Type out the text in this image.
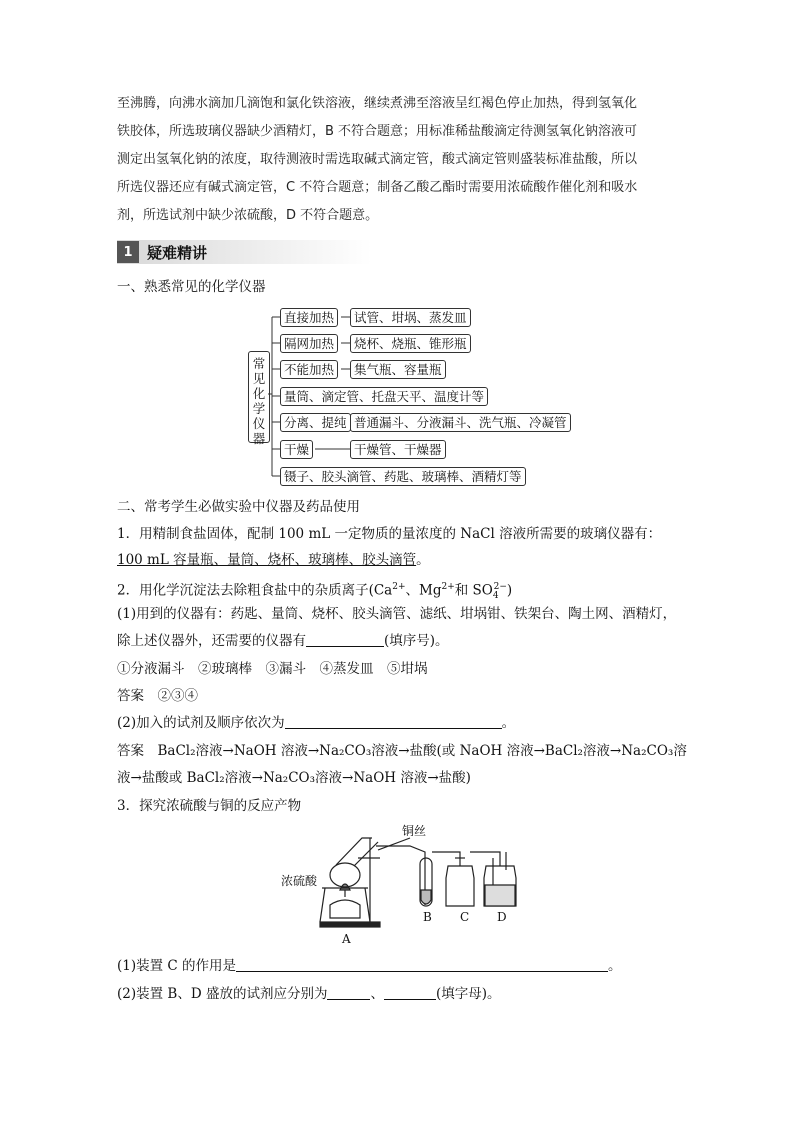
至沸腾，向沸水滴加几滴饱和氯化铁溶液，继续煮沸至溶液呈红褐色停止加热，得到氢氧化
铁胶体，所选玻璃仪器缺少酒精灯，B 不符合题意；用标准稀盐酸滴定待测氢氧化钠溶液可
测定出氢氧化钠的浓度，取待测液时需选取碱式滴定管，酸式滴定管则盛装标准盐酸，所以
所选仪器还应有碱式滴定管，C 不符合题意；制备乙酸乙酯时需要用浓硫酸作催化剂和吸水
剂，所选试剂中缺少浓硫酸，D 不符合题意。
1 疑难精讲
一、熟悉常见的化学仪器
常见化学仪器
直接加热	试管、坩埚、蒸发皿
隔网加热	烧杯、烧瓶、锥形瓶
不能加热	集气瓶、容量瓶
量筒、滴定管、托盘天平、温度计等
分离、提纯 普通漏斗、分液漏斗、洗气瓶、冷凝管
干燥	干燥管、干燥器
镊子、胶头滴管、药匙、玻璃棒、酒精灯等
二、常考学生必做实验中仪器及药品使用
1．用精制食盐固体，配制 100 mL 一定物质的量浓度的 NaCl 溶液所需要的玻璃仪器有：
100 mL 容量瓶、量筒、烧杯、玻璃棒、胶头滴管。
2．用化学沉淀法去除粗食盐中的杂质离子($Ca^{2+}$、$Mg^{2+}$和 $SO_4^{2-}$)
(1)用到的仪器有：药匙、量筒、烧杯、胶头滴管、滤纸、坩埚钳、铁架台、陶土网、酒精灯，
除上述仪器外，还需要的仪器有	(填序号)。
①分液漏斗　②玻璃棒　③漏斗　④蒸发皿　⑤坩埚
答案　 ②③④
(2)加入的试剂及顺序依次为	。
答案　 BaCl₂溶液→NaOH 溶液→Na₂CO₃溶液→盐酸(或 NaOH 溶液→BaCl₂溶液→Na₂CO₃溶
液→盐酸或 BaCl₂溶液→Na₂CO₃溶液→NaOH 溶液→盐酸)
3．探究浓硫酸与铜的反应产物
铜丝
浓硫酸
A
B C D
(1)装置 C 的作用是	。
(2)装置 B、D 盛放的试剂应分别为	、	(填字母)。
